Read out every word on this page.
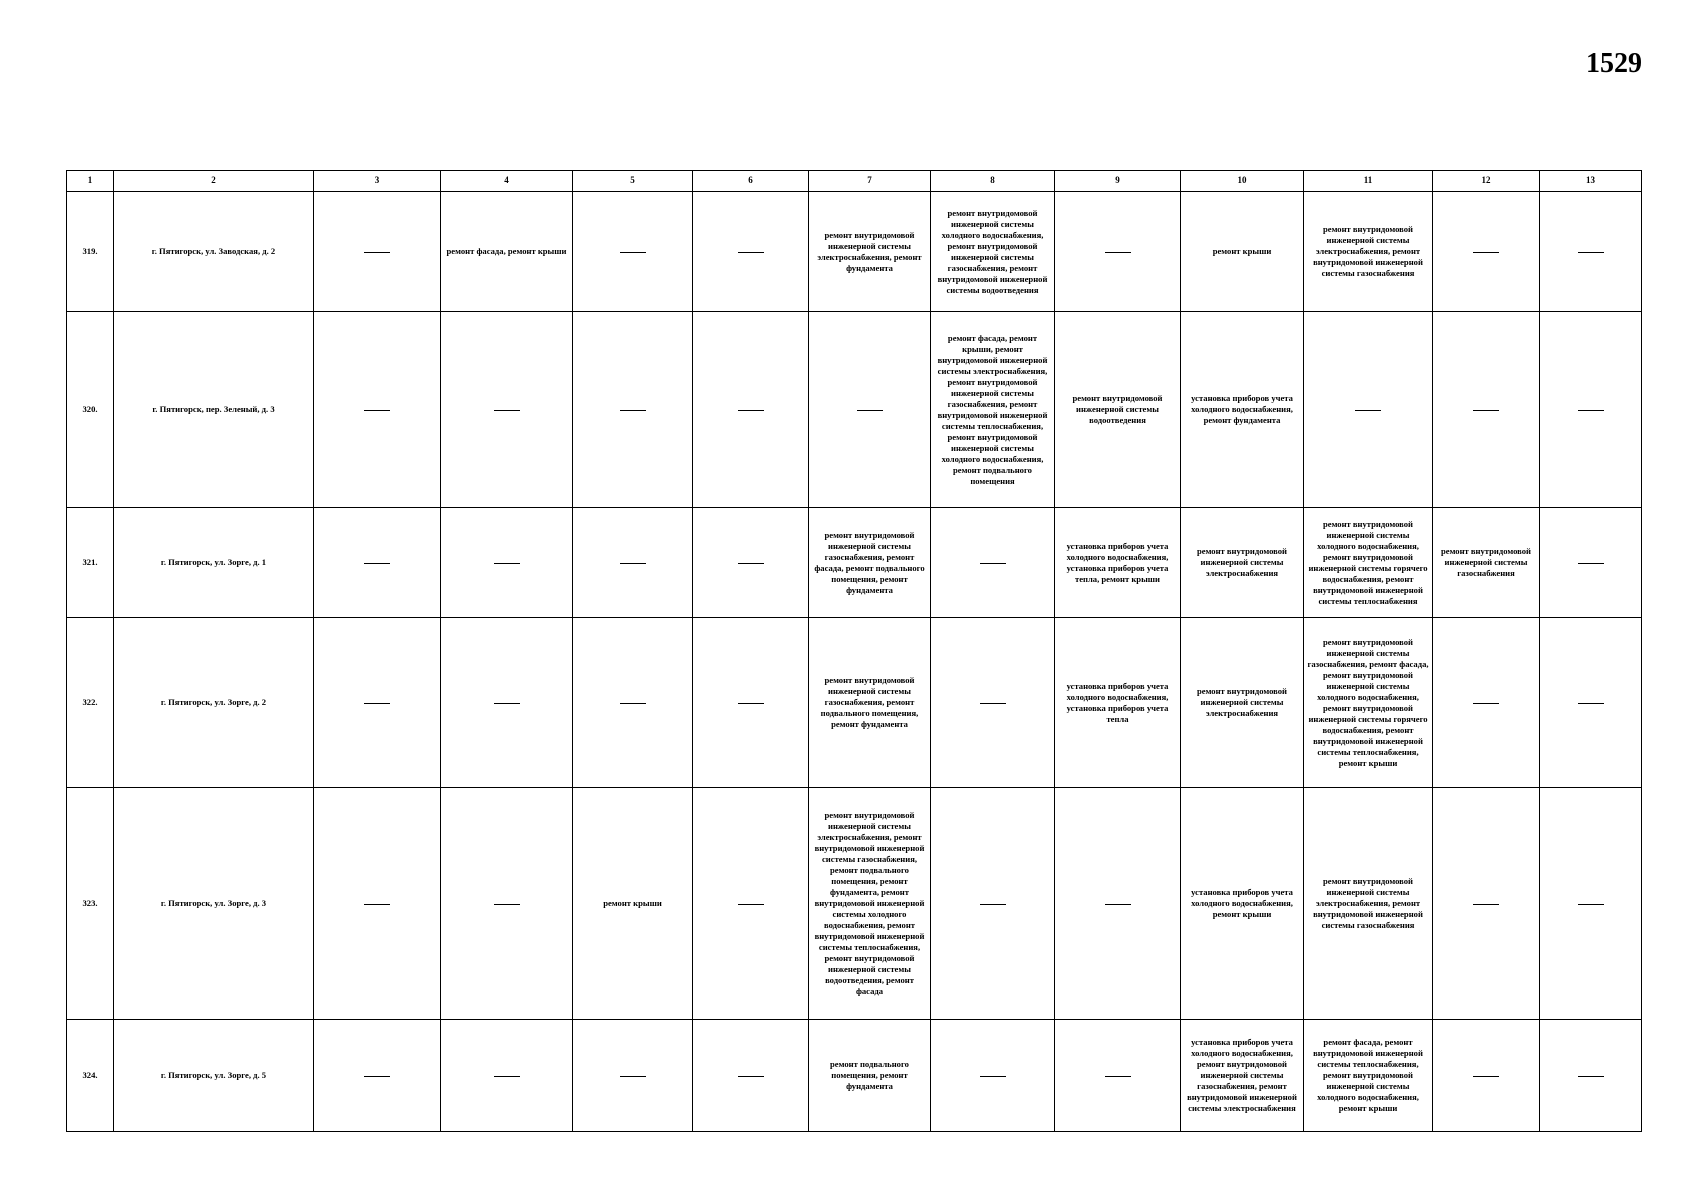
1529
1	2	3	4	5	6	7	8	9	10	11	12	13
319.	г. Пятигорск, ул. Заводская, д. 2		ремонт фасада, ремонт крыши			ремонт внутридомовой инженерной системы электроснабжения, ремонт фундамента	ремонт внутридомовой инженерной системы холодного водоснабжения, ремонт внутридомовой инженерной системы газоснабжения, ремонт внутридомовой инженерной системы водоотведения		ремонт крыши	ремонт внутридомовой инженерной системы электроснабжения, ремонт внутридомовой инженерной системы газоснабжения		
320.	г. Пятигорск, пер. Зеленый, д. 3						ремонт фасада, ремонт крыши, ремонт внутридомовой инженерной системы электроснабжения, ремонт внутридомовой инженерной системы газоснабжения, ремонт внутридомовой инженерной системы теплоснабжения, ремонт внутридомовой инженерной системы холодного водоснабжения, ремонт подвального помещения	ремонт внутридомовой инженерной системы водоотведения	установка приборов учета холодного водоснабжения, ремонт фундамента			
321.	г. Пятигорск, ул. Зорге, д. 1					ремонт внутридомовой инженерной системы газоснабжения, ремонт фасада, ремонт подвального помещения, ремонт фундамента		установка приборов учета холодного водоснабжения, установка приборов учета тепла, ремонт крыши	ремонт внутридомовой инженерной системы электроснабжения	ремонт внутридомовой инженерной системы холодного водоснабжения, ремонт внутридомовой инженерной системы горячего водоснабжения, ремонт внутридомовой инженерной системы теплоснабжения	ремонт внутридомовой инженерной системы газоснабжения	
322.	г. Пятигорск, ул. Зорге, д. 2					ремонт внутридомовой инженерной системы газоснабжения, ремонт подвального помещения, ремонт фундамента		установка приборов учета холодного водоснабжения, установка приборов учета тепла	ремонт внутридомовой инженерной системы электроснабжения	ремонт внутридомовой инженерной системы газоснабжения, ремонт фасада, ремонт внутридомовой инженерной системы холодного водоснабжения, ремонт внутридомовой инженерной системы горячего водоснабжения, ремонт внутридомовой инженерной системы теплоснабжения, ремонт крыши		
323.	г. Пятигорск, ул. Зорге, д. 3			ремонт крыши		ремонт внутридомовой инженерной системы электроснабжения, ремонт внутридомовой инженерной системы газоснабжения, ремонт подвального помещения, ремонт фундамента, ремонт внутридомовой инженерной системы холодного водоснабжения, ремонт внутридомовой инженерной системы теплоснабжения, ремонт внутридомовой инженерной системы водоотведения, ремонт фасада			установка приборов учета холодного водоснабжения, ремонт крыши	ремонт внутридомовой инженерной системы электроснабжения, ремонт внутридомовой инженерной системы газоснабжения		
324.	г. Пятигорск, ул. Зорге, д. 5					ремонт подвального помещения, ремонт фундамента			установка приборов учета холодного водоснабжения, ремонт внутридомовой инженерной системы газоснабжения, ремонт внутридомовой инженерной системы электроснабжения	ремонт фасада, ремонт внутридомовой инженерной системы теплоснабжения, ремонт внутридомовой инженерной системы холодного водоснабжения, ремонт крыши		
